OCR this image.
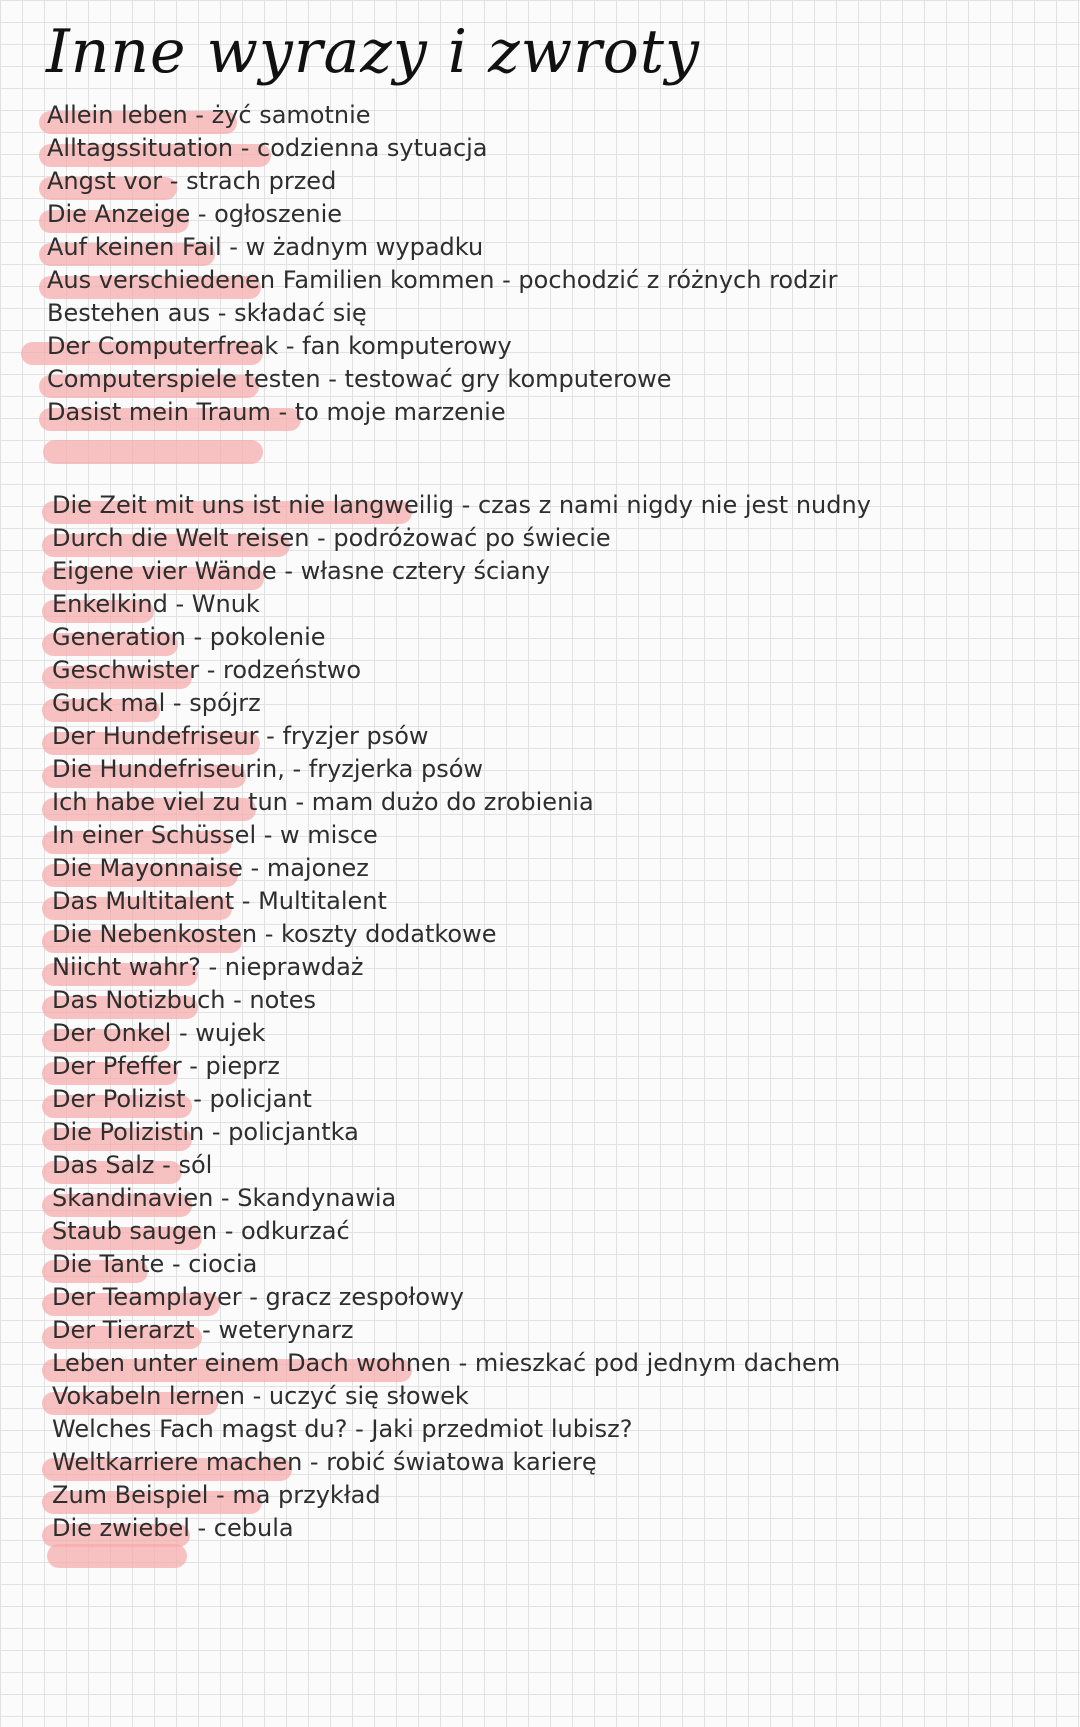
Inne wyrazy i zwroty
Allein leben - żyć samotnie
Alltagssituation - codzienna sytuacja
Angst vor - strach przed
Die Anzeige - ogłoszenie
Auf keinen Fail - w żadnym wypadku
Aus verschiedenen Familien kommen - pochodzić z różnych rodzir
Bestehen aus - składać się
Der Computerfreak - fan komputerowy
Computerspiele testen - testować gry komputerowe
Dasist mein Traum - to moje marzenie
Die Zeit mit uns ist nie langweilig - czas z nami nigdy nie jest nudny
Durch die Welt reisen - podróżować po świecie
Eigene vier Wände - własne cztery ściany
Enkelkind - Wnuk
Generation - pokolenie
Geschwister - rodzeństwo
Guck mal - spójrz
Der Hundefriseur - fryzjer psów
Die Hundefriseurin, - fryzjerka psów
Ich habe viel zu tun - mam dużo do zrobienia
In einer Schüssel - w misce
Die Mayonnaise - majonez
Das Multitalent - Multitalent
Die Nebenkosten - koszty dodatkowe
Niicht wahr? - nieprawdaż
Das Notizbuch - notes
Der Onkel - wujek
Der Pfeffer - pieprz
Der Polizist - policjant
Die Polizistin - policjantka
Das Salz - sól
Skandinavien - Skandynawia
Staub saugen - odkurzać
Die Tante - ciocia
Der Teamplayer - gracz zespołowy
Der Tierarzt - weterynarz
Leben unter einem Dach wohnen - mieszkać pod jednym dachem
Vokabeln lernen - uczyć się słowek
Welches Fach magst du? - Jaki przedmiot lubisz?
Weltkarriere machen - robić światowa karierę
Zum Beispiel - ma przykład
Die zwiebel - cebula
